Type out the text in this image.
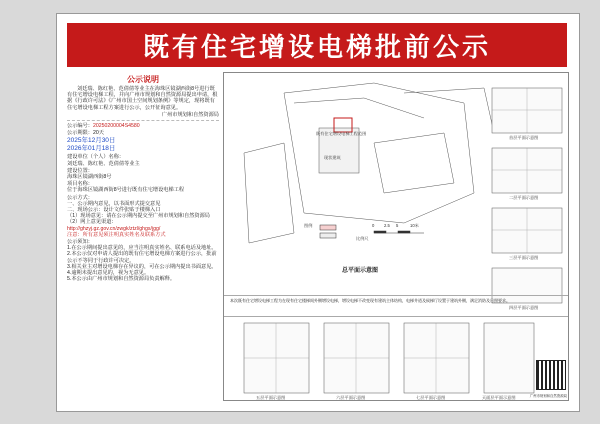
既有住宅增设电梯批前公示
公示说明

刘廷瑞、陈红艳、范倩倩等业主在海珠区镜湖西街8号进行既有住宅增设电梯工程，并向广州市规划和自然资源局提出申请，根据《行政许可法》《广州市国土空间规划条例》等规定，现将既有住宅增设电梯工程方案进行公示，公开征询意见。

广州市规划和自然资源局
公示编号：20250200004S4580
公示期限：20天
2025年12月30日
2026年01月18日
建设单位（个人）名称：
刘廷瑞、陈红艳、范倩倩等业主
建设位置：
海珠区镜湖西街8号
项目名称：
位于海珠区镜湖西街8号进行既有住宅增设电梯工程
公示方式：
一、公示期内意见，以书面形式提交意见
二、现场公示：设计文件张贴于楼梯入口
（1）现场意见：请在公示期内提交至广州市规划和自然资源局
（2）网上意见渠道：
http://ghzyj.gz.gov.cn/zwgk/ztzl/ghgs/jgg/
注意：所有意见须注明真实姓名及联系方式
公示须知：
1.在公示期间提出意见的，应当注明真实姓名、联系电话及地址。
2.本公示仅对申请人提出的既有住宅增设电梯方案进行公示，批前公示不等同于行政许可决定。
3.相关业主对增设电梯存在异议的，可在公示期内提出书面意见。
4.逾期未提出意见的，视为无意见。
5.本公示由广州市规划和自然资源局负责解释。
既有住宅增设电梯工程范围
现状建筑
图例
比例尺
0 2.5 5	10米
总平面示意图
首层平面示意图
二层平面示意图
三层平面示意图
四层平面示意图
五层平面示意图	六层平面示意图	七层平面示意图	天面层平面示意图
本次既有住宅增设电梯工程为在现有住宅楼梯间外侧增设电梯，增设电梯不改变现有建筑主体结构，电梯井道及候梯厅设置于建筑外侧，满足消防及日照要求。
广州市规划和自然资源局
